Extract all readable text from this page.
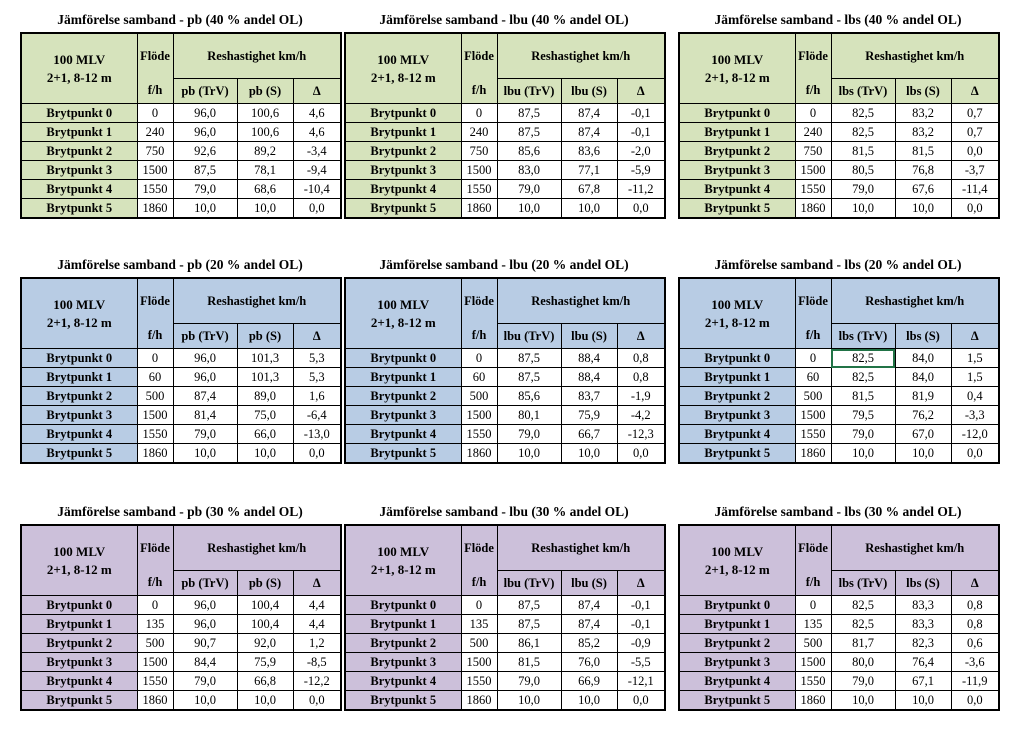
Jämförelse samband - pb (40 % andel OL)
100 MLV
2+1, 8-12 m	Flöde	Reshastighet km/h		
	f/h	pb (TrV)	pb (S)	Δ
Brytpunkt 0	0	96,0	100,6	4,6
Brytpunkt 1	240	96,0	100,6	4,6
Brytpunkt 2	750	92,6	89,2	-3,4
Brytpunkt 3	1500	87,5	78,1	-9,4
Brytpunkt 4	1550	79,0	68,6	-10,4
Brytpunkt 5	1860	10,0	10,0	0,0
Jämförelse samband - lbu (40 % andel OL)
100 MLV
2+1, 8-12 m	Flöde	Reshastighet km/h		
	f/h	lbu (TrV)	lbu (S)	Δ
Brytpunkt 0	0	87,5	87,4	-0,1
Brytpunkt 1	240	87,5	87,4	-0,1
Brytpunkt 2	750	85,6	83,6	-2,0
Brytpunkt 3	1500	83,0	77,1	-5,9
Brytpunkt 4	1550	79,0	67,8	-11,2
Brytpunkt 5	1860	10,0	10,0	0,0
Jämförelse samband - lbs (40 % andel OL)
100 MLV
2+1, 8-12 m	Flöde	Reshastighet km/h		
	f/h	lbs (TrV)	lbs (S)	Δ
Brytpunkt 0	0	82,5	83,2	0,7
Brytpunkt 1	240	82,5	83,2	0,7
Brytpunkt 2	750	81,5	81,5	0,0
Brytpunkt 3	1500	80,5	76,8	-3,7
Brytpunkt 4	1550	79,0	67,6	-11,4
Brytpunkt 5	1860	10,0	10,0	0,0
Jämförelse samband - pb (20 % andel OL)
100 MLV
2+1, 8-12 m	Flöde	Reshastighet km/h		
	f/h	pb (TrV)	pb (S)	Δ
Brytpunkt 0	0	96,0	101,3	5,3
Brytpunkt 1	60	96,0	101,3	5,3
Brytpunkt 2	500	87,4	89,0	1,6
Brytpunkt 3	1500	81,4	75,0	-6,4
Brytpunkt 4	1550	79,0	66,0	-13,0
Brytpunkt 5	1860	10,0	10,0	0,0
Jämförelse samband - lbu (20 % andel OL)
100 MLV
2+1, 8-12 m	Flöde	Reshastighet km/h		
	f/h	lbu (TrV)	lbu (S)	Δ
Brytpunkt 0	0	87,5	88,4	0,8
Brytpunkt 1	60	87,5	88,4	0,8
Brytpunkt 2	500	85,6	83,7	-1,9
Brytpunkt 3	1500	80,1	75,9	-4,2
Brytpunkt 4	1550	79,0	66,7	-12,3
Brytpunkt 5	1860	10,0	10,0	0,0
Jämförelse samband - lbs (20 % andel OL)
100 MLV
2+1, 8-12 m	Flöde	Reshastighet km/h		
	f/h	lbs (TrV)	lbs (S)	Δ
Brytpunkt 0	0	82,5	84,0	1,5
Brytpunkt 1	60	82,5	84,0	1,5
Brytpunkt 2	500	81,5	81,9	0,4
Brytpunkt 3	1500	79,5	76,2	-3,3
Brytpunkt 4	1550	79,0	67,0	-12,0
Brytpunkt 5	1860	10,0	10,0	0,0
Jämförelse samband - pb (30 % andel OL)
100 MLV
2+1, 8-12 m	Flöde	Reshastighet km/h		
	f/h	pb (TrV)	pb (S)	Δ
Brytpunkt 0	0	96,0	100,4	4,4
Brytpunkt 1	135	96,0	100,4	4,4
Brytpunkt 2	500	90,7	92,0	1,2
Brytpunkt 3	1500	84,4	75,9	-8,5
Brytpunkt 4	1550	79,0	66,8	-12,2
Brytpunkt 5	1860	10,0	10,0	0,0
Jämförelse samband - lbu (30 % andel OL)
100 MLV
2+1, 8-12 m	Flöde	Reshastighet km/h		
	f/h	lbu (TrV)	lbu (S)	Δ
Brytpunkt 0	0	87,5	87,4	-0,1
Brytpunkt 1	135	87,5	87,4	-0,1
Brytpunkt 2	500	86,1	85,2	-0,9
Brytpunkt 3	1500	81,5	76,0	-5,5
Brytpunkt 4	1550	79,0	66,9	-12,1
Brytpunkt 5	1860	10,0	10,0	0,0
Jämförelse samband - lbs (30 % andel OL)
100 MLV
2+1, 8-12 m	Flöde	Reshastighet km/h		
	f/h	lbs (TrV)	lbs (S)	Δ
Brytpunkt 0	0	82,5	83,3	0,8
Brytpunkt 1	135	82,5	83,3	0,8
Brytpunkt 2	500	81,7	82,3	0,6
Brytpunkt 3	1500	80,0	76,4	-3,6
Brytpunkt 4	1550	79,0	67,1	-11,9
Brytpunkt 5	1860	10,0	10,0	0,0
